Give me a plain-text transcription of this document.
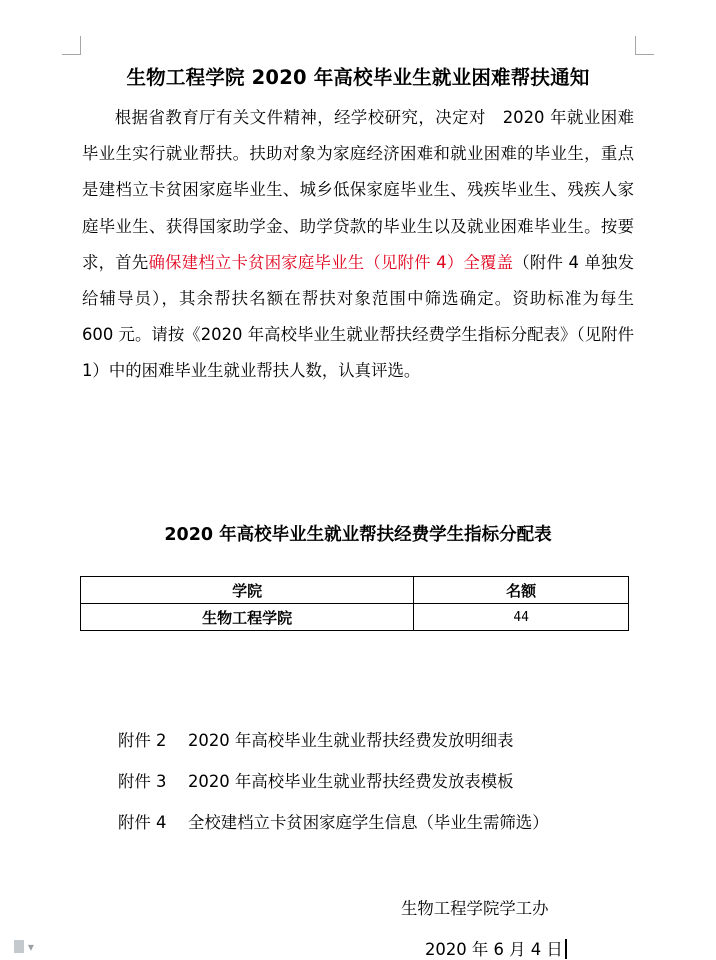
生物工程学院 2020 年高校毕业生就业困难帮扶通知

根据省教育厅有关文件精神，经学校研究，决定对　2020 年就业困难毕业生实行就业帮扶。扶助对象为家庭经济困难和就业困难的毕业生，重点是建档立卡贫困家庭毕业生、城乡低保家庭毕业生、残疾毕业生、残疾人家庭毕业生、获得国家助学金、助学贷款的毕业生以及就业困难毕业生。按要求，首先确保建档立卡贫困家庭毕业生（见附件 4）全覆盖（附件 4 单独发给辅导员），其余帮扶名额在帮扶对象范围中筛选确定。资助标准为每生 600 元。请按《2020 年高校毕业生就业帮扶经费学生指标分配表》（见附件 1）中的困难毕业生就业帮扶人数，认真评选。

2020 年高校毕业生就业帮扶经费学生指标分配表
学院	名额
生物工程学院	44
附件 2 2020 年高校毕业生就业帮扶经费发放明细表
附件 3 2020 年高校毕业生就业帮扶经费发放表模板
附件 4 全校建档立卡贫困家庭学生信息（毕业生需筛选）
生物工程学院学工办
2020 年 6 月 4 日
▾
